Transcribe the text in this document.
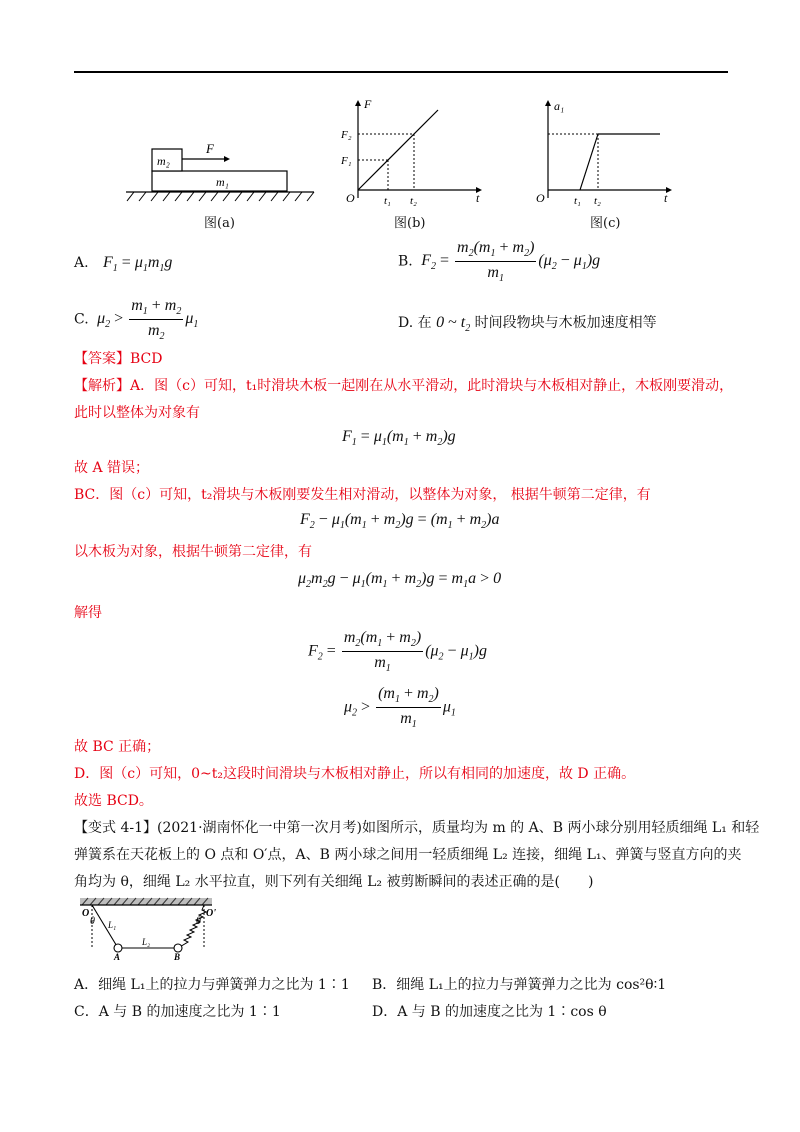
m₂
m₁
F
图(a)
F
F₂
F₁
O	t₁ t₂	t
图(b)
a₁
O	t₁ t₂	t
图(c)
A. $F_1 = \mu_1m_1g$	B. $F_2 = \frac{m_2(m_1 + m_2)}{m_1} (\mu_2 - \mu_1)g$
C. $\mu_2 > \frac{m_1 + m_2}{m_2} \mu_1$	D. 在 0 ~ $t_2$ 时间段物块与木板加速度相等
【答案】BCD
【解析】A．图（c）可知，t₁时滑块木板一起刚在从水平滑动，此时滑块与木板相对静止，木板刚要滑动，
此时以整体为对象有
$F_1 = \mu_1(m_1 + m_2)g$
故 A 错误；
BC．图（c）可知，t₂滑块与木板刚要发生相对滑动，以整体为对象， 根据牛顿第二定律，有
$F_2 - \mu_1(m_1 + m_2)g = (m_1 + m_2)a$
以木板为对象，根据牛顿第二定律，有
$\mu_2m_2g - \mu_1(m_1 + m_2)g = m_1a > 0$
解得
$F_2 = \frac{m_2(m_1 + m_2)}{m_1} (\mu_2 - \mu_1)g$
$\mu_2 > \frac{(m_1 + m_2)}{m_1} \mu_1$
故 BC 正确；
D．图（c）可知，0~t₂这段时间滑块与木板相对静止，所以有相同的加速度，故 D 正确。
故选 BCD。
【变式 4-1】(2021·湖南怀化一中第一次月考)如图所示，质量均为 m 的 A、B 两小球分别用轻质细绳 L₁ 和轻
弹簧系在天花板上的 O 点和 O′点，A、B 两小球之间用一轻质细绳 L₂ 连接，细绳 L₁、弹簧与竖直方向的夹
角均为 θ，细绳 L₂ 水平拉直，则下列有关细绳 L₂ 被剪断瞬间的表述正确的是(　　)
O	O'
θ	θ
L₁
L₂
A	B
A．细绳 L₁上的拉力与弹簧弹力之比为 1∶1 B．细绳 L₁上的拉力与弹簧弹力之比为 cos²θ∶1
C．A 与 B 的加速度之比为 1∶1	D．A 与 B 的加速度之比为 1∶cos θ
